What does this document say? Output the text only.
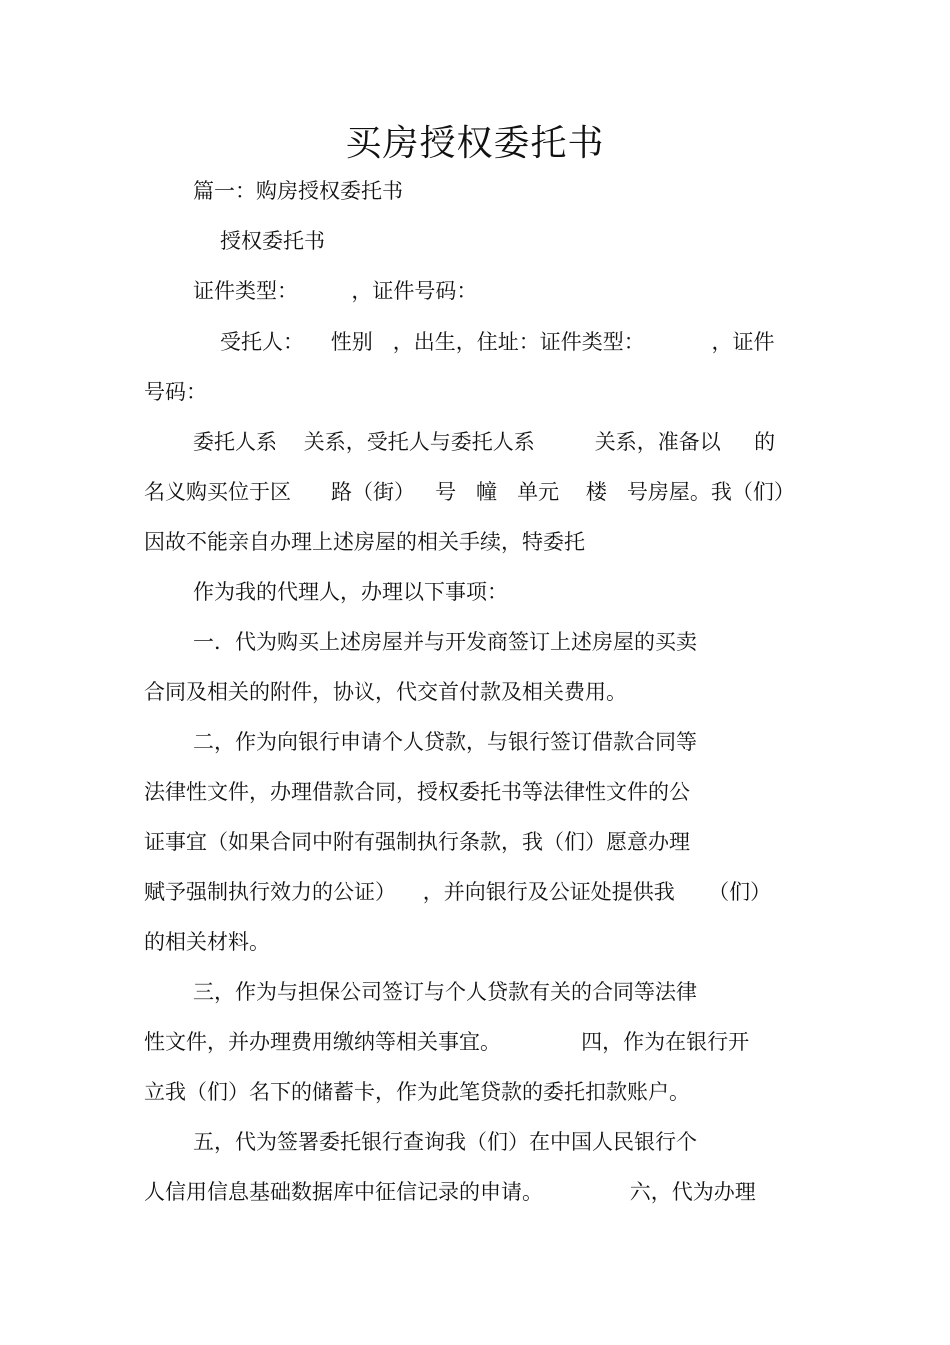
买房授权委托书

篇一：购房授权委托书

授权委托书

证件类型：        ，证件号码：

受托人：    性别   ，出生，住址：证件类型：          ，证件

号码：

委托人系    关系，受托人与委托人系         关系，准备以     的

名义购买位于区      路（街）   号   幢   单元    楼   号房屋。我（们）

因故不能亲自办理上述房屋的相关手续，特委托

作为我的代理人，办理以下事项：

一．代为购买上述房屋并与开发商签订上述房屋的买卖

合同及相关的附件，协议，代交首付款及相关费用。

二，作为向银行申请个人贷款，与银行签订借款合同等

法律性文件，办理借款合同，授权委托书等法律性文件的公

证事宜（如果合同中附有强制执行条款，我（们）愿意办理

赋予强制执行效力的公证）    ，并向银行及公证处提供我     （们）

的相关材料。

三，作为与担保公司签订与个人贷款有关的合同等法律

性文件，并办理费用缴纳等相关事宜。            四，作为在银行开

立我（们）名下的储蓄卡，作为此笔贷款的委托扣款账户。

五，代为签署委托银行查询我（们）在中国人民银行个

人信用信息基础数据库中征信记录的申请。             六，代为办理
